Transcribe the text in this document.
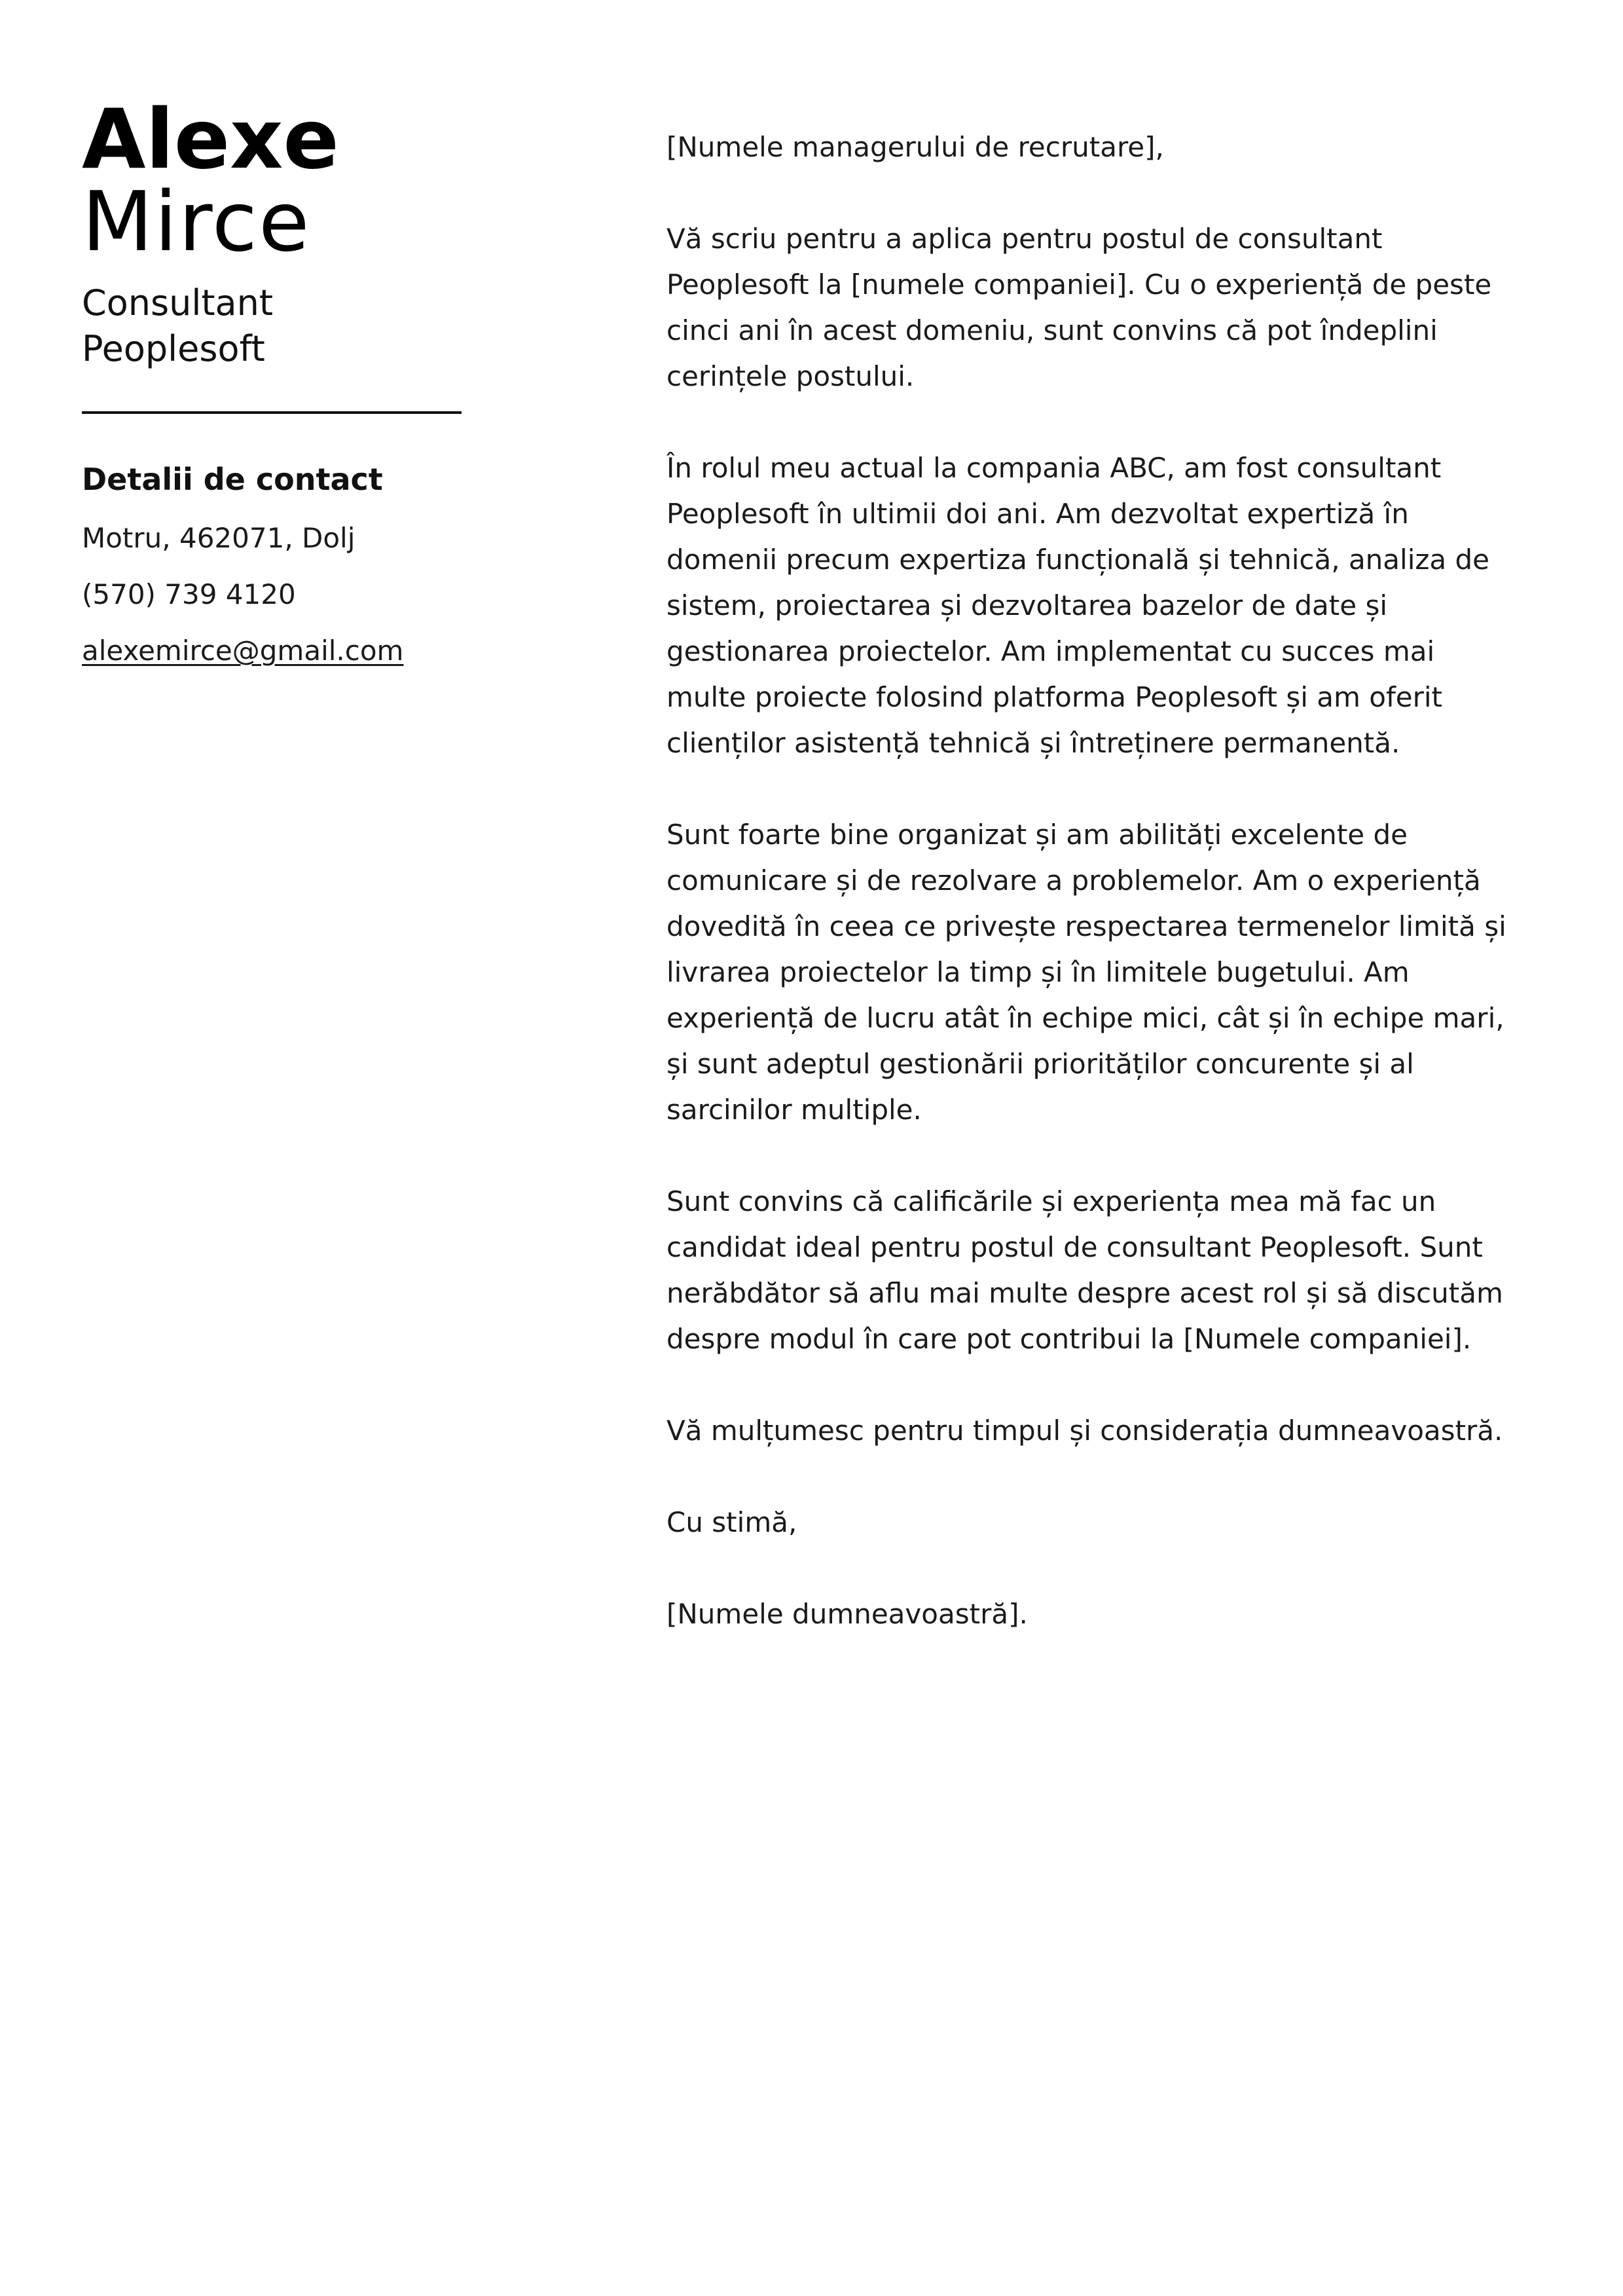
Alexe
Mirce
Consultant Peoplesoft
Detalii de contact
Motru, 462071, Dolj
(570) 739 4120
alexemirce@gmail.com

[Numele managerului de recrutare],

Vă scriu pentru a aplica pentru postul de consultant Peoplesoft la [numele companiei]. Cu o experiență de peste cinci ani în acest domeniu, sunt convins că pot îndeplini cerințele postului.

În rolul meu actual la compania ABC, am fost consultant Peoplesoft în ultimii doi ani. Am dezvoltat expertiză în domenii precum expertiza funcțională și tehnică, analiza de sistem, proiectarea și dezvoltarea bazelor de date și gestionarea proiectelor. Am implementat cu succes mai multe proiecte folosind platforma Peoplesoft și am oferit clienților asistență tehnică și întreținere permanentă.

Sunt foarte bine organizat și am abilități excelente de comunicare și de rezolvare a problemelor. Am o experiență dovedită în ceea ce privește respectarea termenelor limită și livrarea proiectelor la timp și în limitele bugetului. Am experiență de lucru atât în echipe mici, cât și în echipe mari, și sunt adeptul gestionării priorităților concurente și al sarcinilor multiple.

Sunt convins că calificările și experiența mea mă fac un candidat ideal pentru postul de consultant Peoplesoft. Sunt nerăbdător să aflu mai multe despre acest rol și să discutăm despre modul în care pot contribui la [Numele companiei].

Vă mulțumesc pentru timpul și considerația dumneavoastră.

Cu stimă,

[Numele dumneavoastră].
